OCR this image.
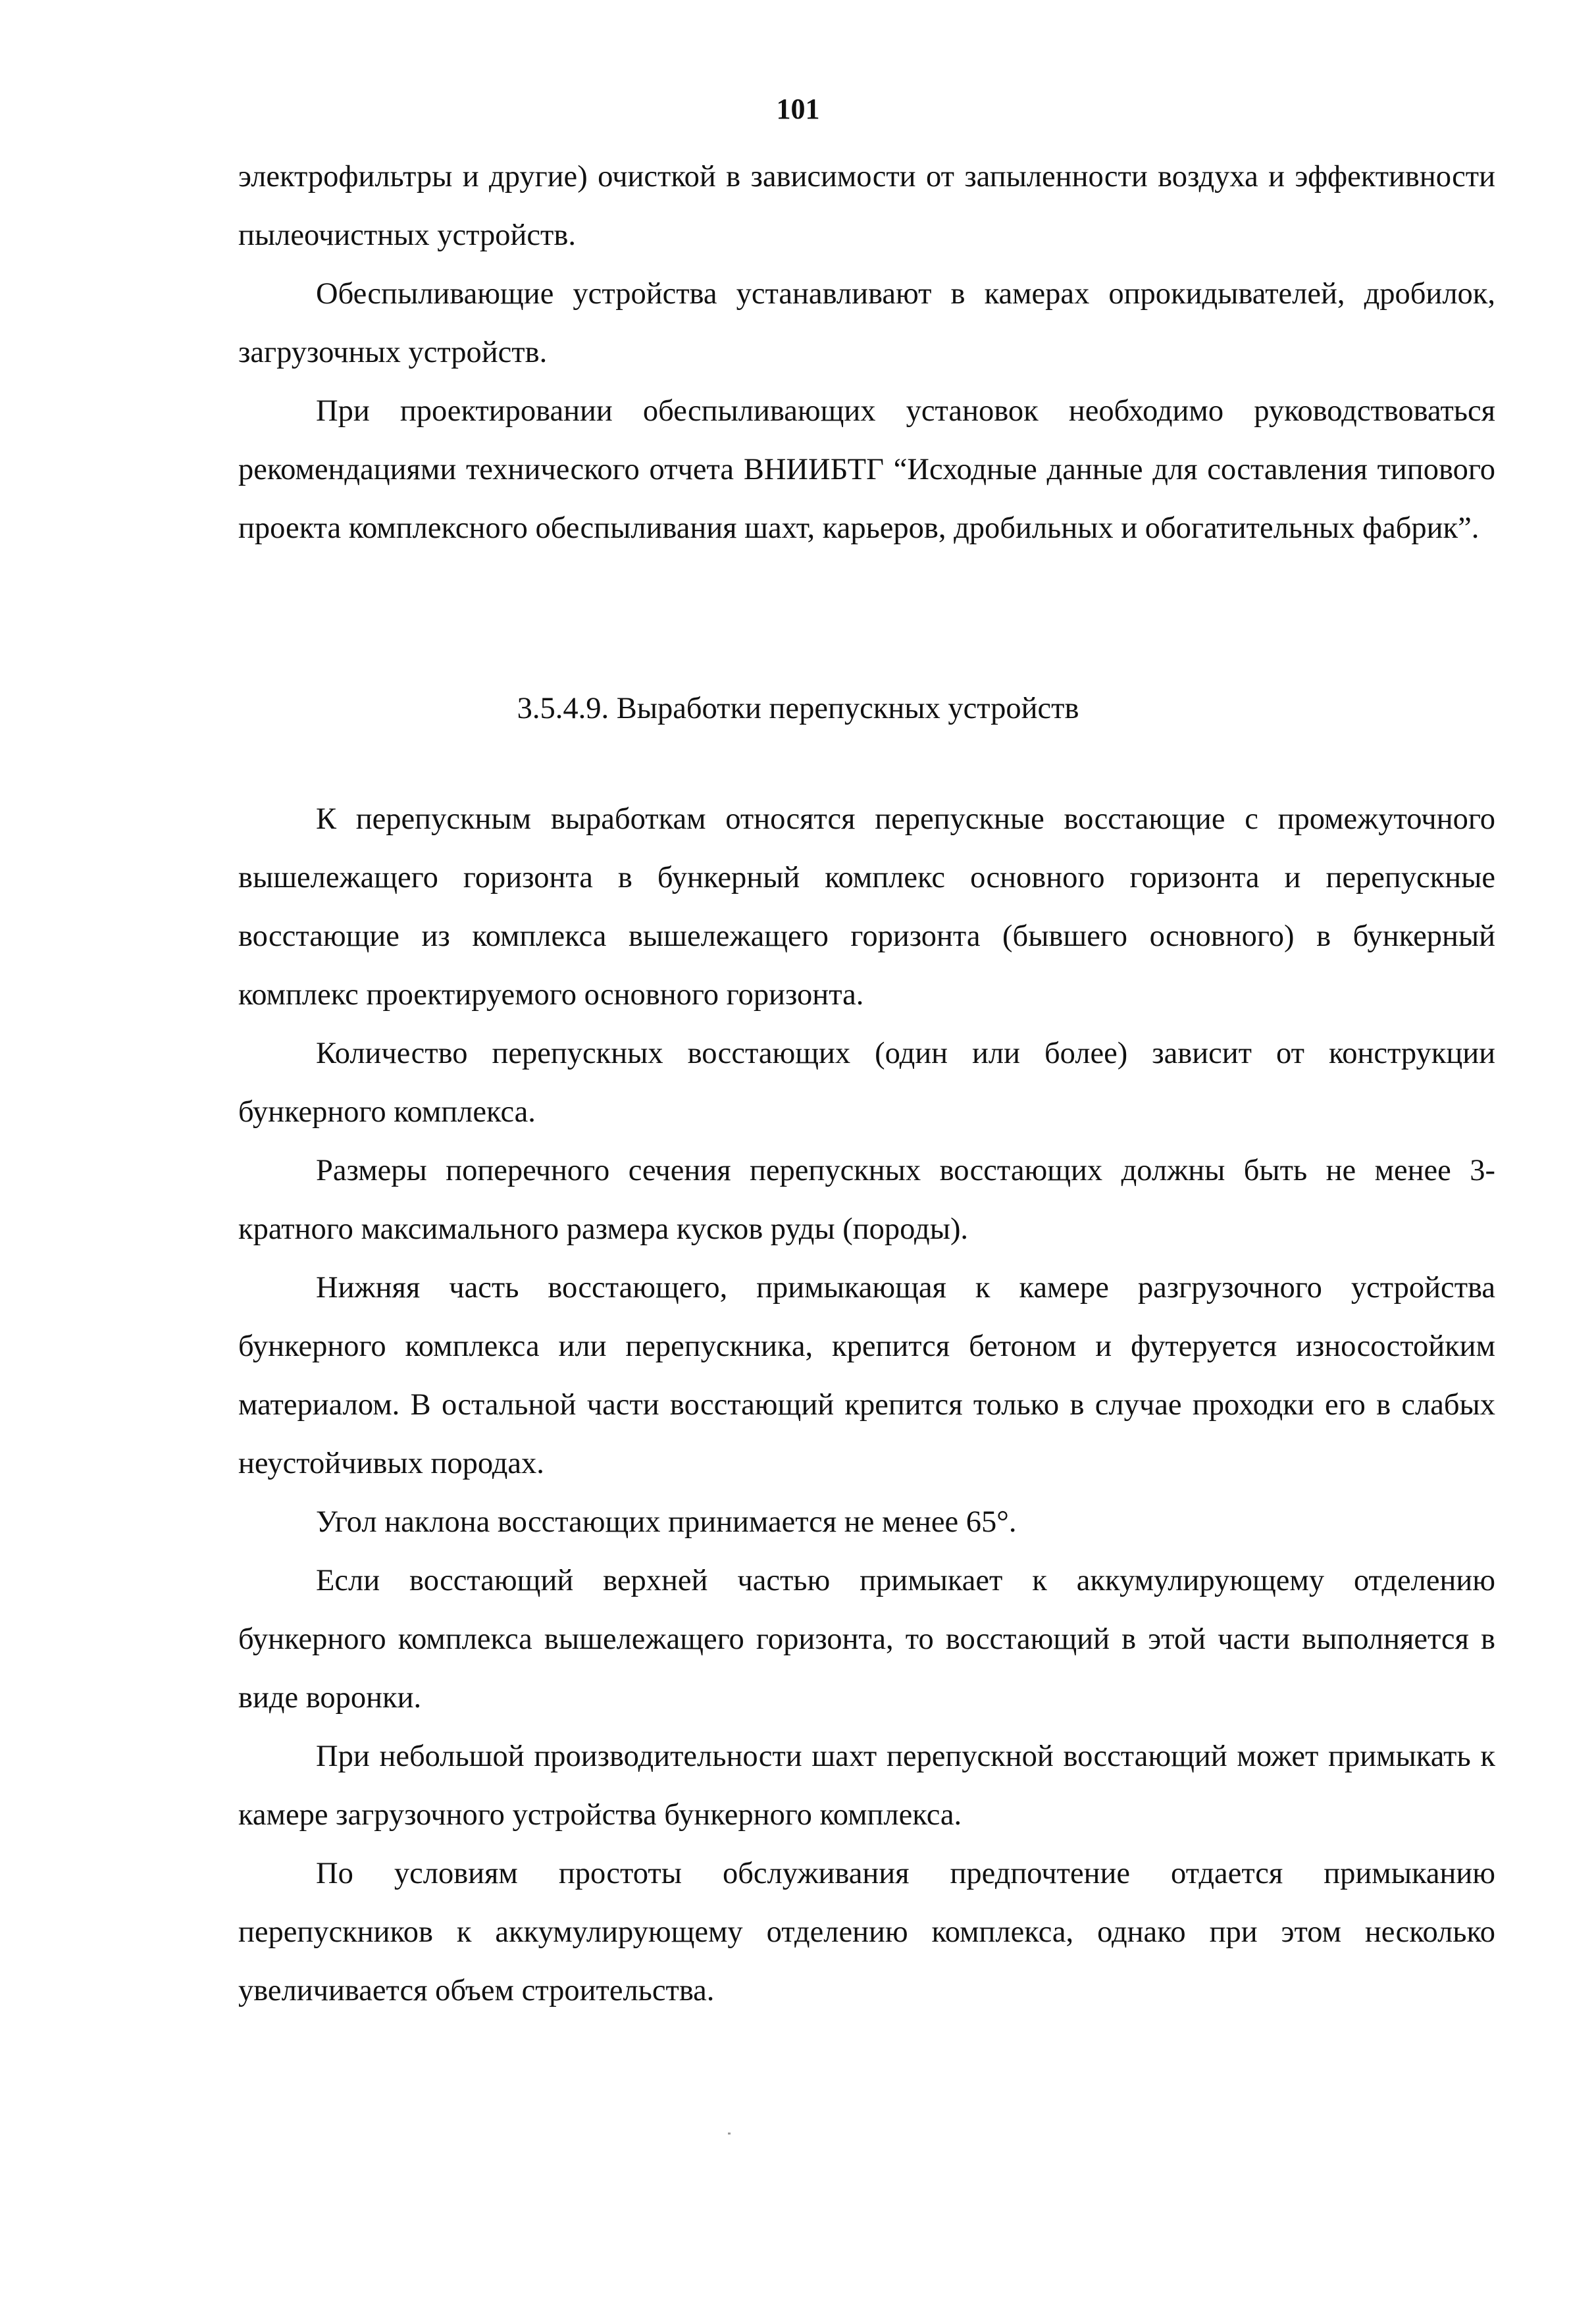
101

электрофильтры и другие) очисткой в зависимости от запыленности воздуха и эффективности пылеочистных устройств.

Обеспыливающие устройства устанавливают в камерах опрокидывателей, дробилок, загрузочных устройств.

При проектировании обеспыливающих установок необходимо руководствоваться рекомендациями технического отчета ВНИИБТГ “Исходные данные для составления типового проекта комплексного обеспыливания шахт, карьеров, дробильных и обогатительных фабрик”.

3.5.4.9. Выработки перепускных устройств

К перепускным выработкам относятся перепускные восстающие с промежуточного вышележащего горизонта в бункерный комплекс основного горизонта и перепускные восстающие из комплекса вышележащего горизонта (бывшего основного) в бункерный комплекс проектируемого основного горизонта.

Количество перепускных восстающих (один или более) зависит от конструкции бункерного комплекса.

Размеры поперечного сечения перепускных восстающих должны быть не менее 3-кратного максимального размера кусков руды (породы).

Нижняя часть восстающего, примыкающая к камере разгрузочного устройства бункерного комплекса или перепускника, крепится бетоном и футеруется износостойким материалом. В остальной части восстающий крепится только в случае проходки его в слабых неустойчивых породах.

Угол наклона восстающих принимается не менее 65°.

Если восстающий верхней частью примыкает к аккумулирующему отделению бункерного комплекса вышележащего горизонта, то восстающий в этой части выполняется в виде воронки.

При небольшой производительности шахт перепускной восстающий может примыкать к камере загрузочного устройства бункерного комплекса.

По условиям простоты обслуживания предпочтение отдается примыканию перепускников к аккумулирующему отделению комплекса, однако при этом несколько увеличивается объем строительства.
